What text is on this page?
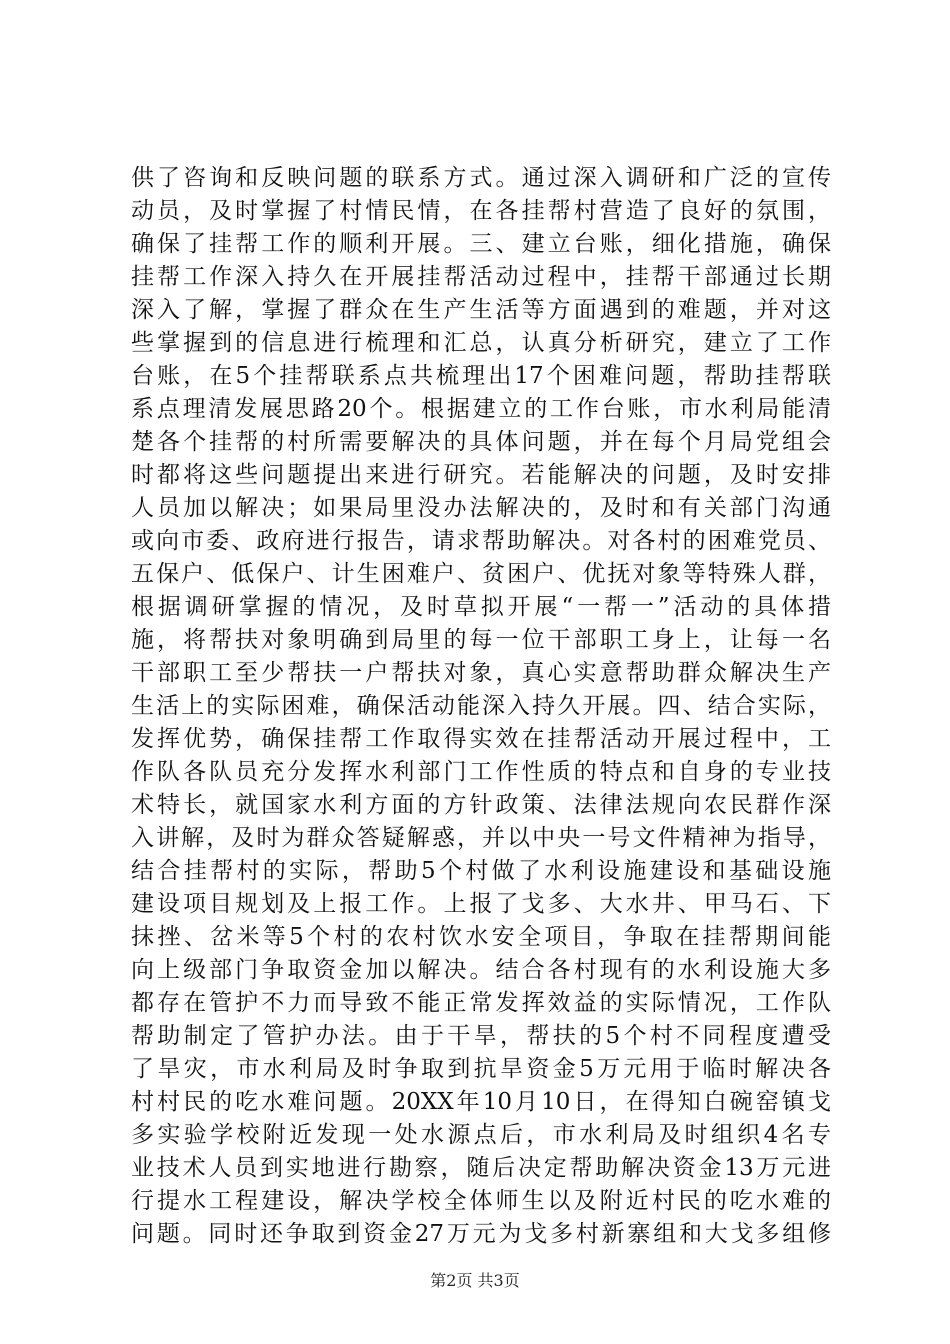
供了咨询和反映问题的联系方式。通过深入调研和广泛的宣传
动员，及时掌握了村情民情，在各挂帮村营造了良好的氛围，
确保了挂帮工作的顺利开展。三、建立台账，细化措施，确保
挂帮工作深入持久在开展挂帮活动过程中，挂帮干部通过长期
深入了解，掌握了群众在生产生活等方面遇到的难题，并对这
些掌握到的信息进行梳理和汇总，认真分析研究，建立了工作
台账，在5个挂帮联系点共梳理出17个困难问题，帮助挂帮联
系点理清发展思路20个。根据建立的工作台账，市水利局能清
楚各个挂帮的村所需要解决的具体问题，并在每个月局党组会
时都将这些问题提出来进行研究。若能解决的问题，及时安排
人员加以解决；如果局里没办法解决的，及时和有关部门沟通
或向市委、政府进行报告，请求帮助解决。对各村的困难党员、
五保户、低保户、计生困难户、贫困户、优抚对象等特殊人群，
根据调研掌握的情况，及时草拟开展“一帮一”活动的具体措
施，将帮扶对象明确到局里的每一位干部职工身上，让每一名
干部职工至少帮扶一户帮扶对象，真心实意帮助群众解决生产
生活上的实际困难，确保活动能深入持久开展。四、结合实际，
发挥优势，确保挂帮工作取得实效在挂帮活动开展过程中，工
作队各队员充分发挥水利部门工作性质的特点和自身的专业技
术特长，就国家水利方面的方针政策、法律法规向农民群作深
入讲解，及时为群众答疑解惑，并以中央一号文件精神为指导，
结合挂帮村的实际，帮助5个村做了水利设施建设和基础设施
建设项目规划及上报工作。上报了戈多、大水井、甲马石、下
抹挫、岔米等5个村的农村饮水安全项目，争取在挂帮期间能
向上级部门争取资金加以解决。结合各村现有的水利设施大多
都存在管护不力而导致不能正常发挥效益的实际情况，工作队
帮助制定了管护办法。由于干旱，帮扶的5个村不同程度遭受
了旱灾，市水利局及时争取到抗旱资金5万元用于临时解决各
村村民的吃水难问题。20XX年10月10日，在得知白碗窑镇戈
多实验学校附近发现一处水源点后，市水利局及时组织4名专
业技术人员到实地进行勘察，随后决定帮助解决资金13万元进
行提水工程建设，解决学校全体师生以及附近村民的吃水难的
问题。同时还争取到资金27万元为戈多村新寨组和大戈多组修
第2页 共3页
